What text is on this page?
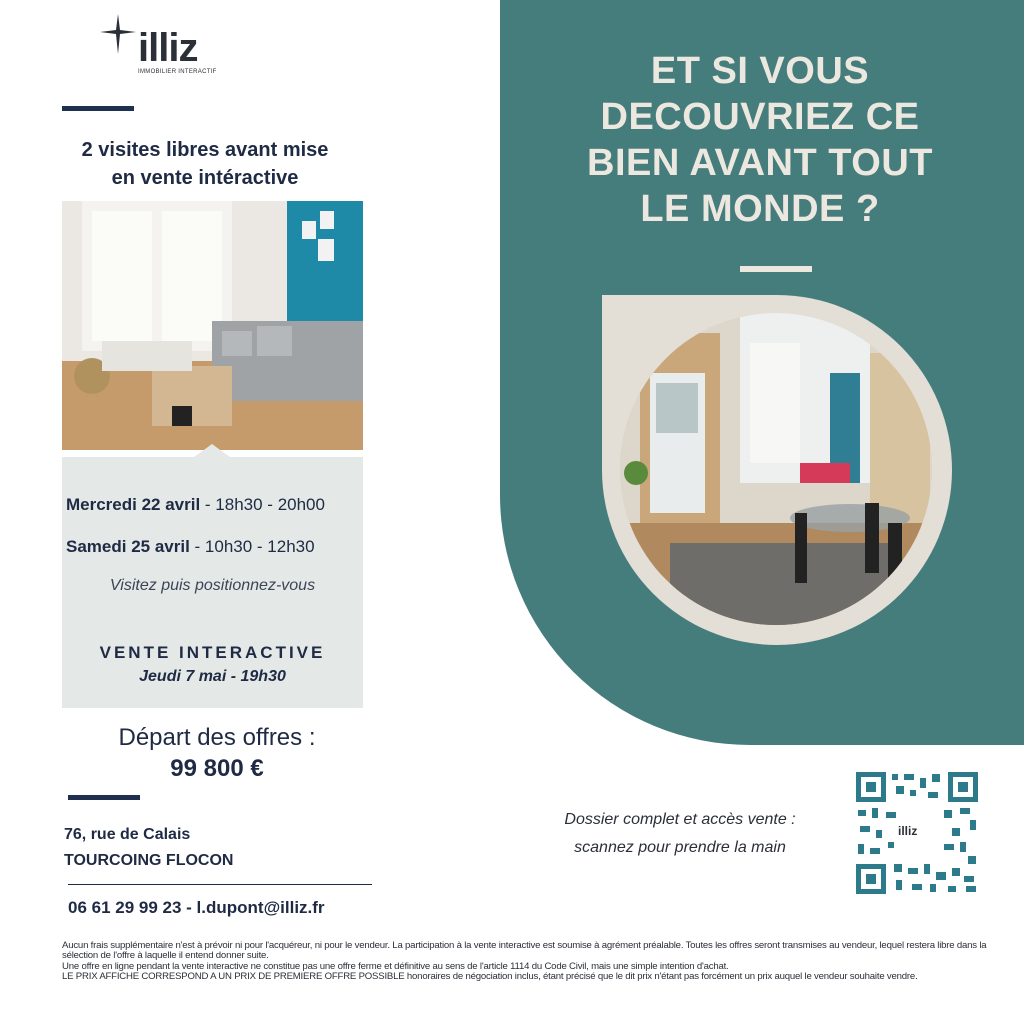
ET SI VOUS
DECOUVRIEZ CE
BIEN AVANT TOUT
LE MONDE ?
illiz
IMMOBILIER INTERACTIF
2 visites libres avant mise
en vente intéractive
Mercredi 22 avril - 18h30 - 20h00
Samedi 25 avril - 10h30 - 12h30
Visitez puis positionnez-vous
VENTE INTERACTIVE
Jeudi 7 mai - 19h30
Départ des offres :
99 800 €
76, rue de Calais
TOURCOING FLOCON
06 61 29 99 23 - l.dupont@illiz.fr
Dossier complet et accès vente :
scannez pour prendre la main
illiz

Aucun frais supplémentaire n'est à prévoir ni pour l'acquéreur, ni pour le vendeur. La participation à la vente interactive est soumise à agrément préalable. Toutes les offres seront transmises au vendeur, lequel restera libre dans la sélection de l'offre à laquelle il entend donner suite.

Une offre en ligne pendant la vente interactive ne constitue pas une offre ferme et définitive au sens de l'article 1114 du Code Civil, mais une simple intention d'achat.

LE PRIX AFFICHE CORRESPOND A UN PRIX DE PREMIERE OFFRE POSSIBLE honoraires de négociation inclus, étant précisé que le dit prix n'étant pas forcément un prix auquel le vendeur souhaite vendre.
